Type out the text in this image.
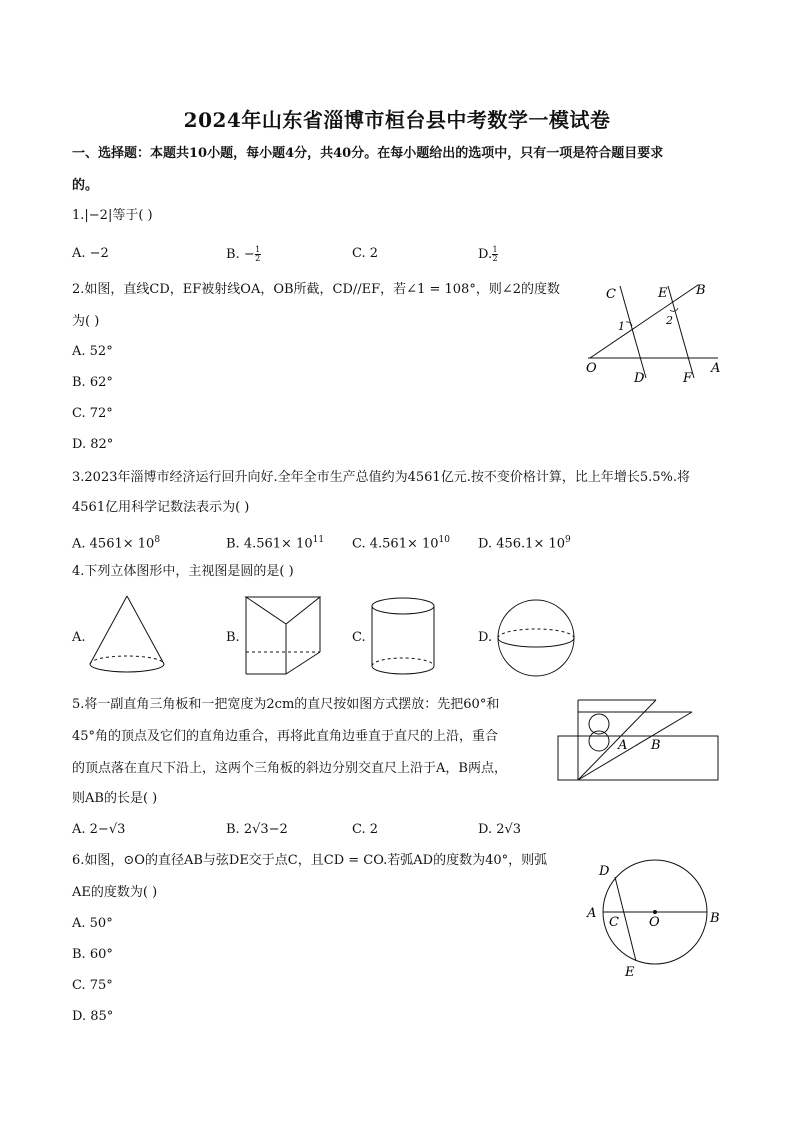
2024年山东省淄博市桓台县中考数学一模试卷
一、选择题：本题共10小题，每小题4分，共40分。在每小题给出的选项中，只有一项是符合题目要求
的。
1.|−2|等于( )
A. −2	B. − $\frac{1}{2}$	C. 2	D. $\frac{1}{2}$
2.如图，直线CD，EF被射线OA，OB所截，CD//EF，若∠1 = 108°，则∠2的度数
为( )
A. 52°
B. 62°
C. 72°
D. 82°
C	E B
1	2
O
D	F
A
3.2023年淄博市经济运行回升向好.全年全市生产总值约为4561亿元.按不变价格计算，比上年增长5.5%.将
4561亿用科学记数法表示为( )
A. $4561\times 10^8$	B. $4.561\times 10^{11}$ C. $4.561\times 10^{10}$ D. $456.1\times 10^9$
4.下列立体图形中，主视图是圆的是( )
A.	B.	C.	D.
5.将一副直角三角板和一把宽度为2cm的直尺按如图方式摆放：先把60°和
45°角的顶点及它们的直角边重合，再将此直角边垂直于直尺的上沿，重合
的顶点落在直尺下沿上，这两个三角板的斜边分别交直尺上沿于A，B两点，
则AB的长是( )
A. 2−√3	B. 2√3−2	C. 2	D. 2√3
A B
6.如图，⊙O的直径AB与弦DE交于点C，且CD = CO.若弧AD的度数为40°，则弧
AE的度数为( )
A. 50°
B. 60°
C. 75°
D. 85°
D
A
C O	B
E
